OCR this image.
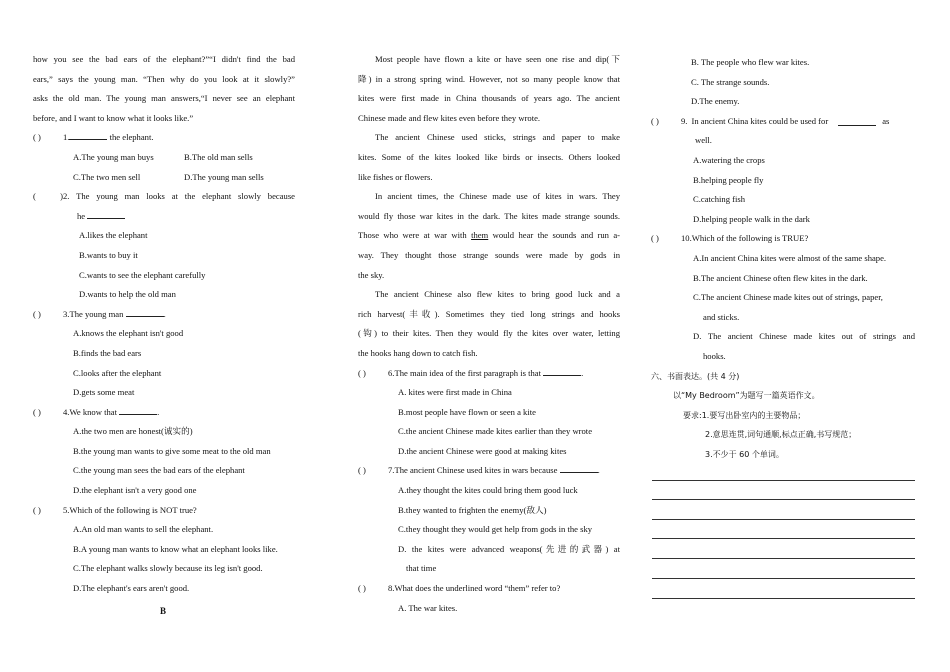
how you see the bad ears of the elephant?”“I didn't find the bad
ears,” says the young man. “Then why do you look at it slowly?”
asks the old man. The young man answers,“I never see an elephant
before, and I want to know what it looks like.”
( )	1.	the elephant.
A.The young man buys	B.The old man sells
C.The two men sell	D.The young man sells
( )2. The young man looks at the elephant slowly because
he
A.likes the elephant
B.wants to buy it
C.wants to see the elephant carefully
D.wants to help the old man
( )	3.The young man	.
A.knows the elephant isn't good
B.finds the bad ears
C.looks after the elephant
D.gets some meat
( )	4.We know that	.
A.the two men are honest(诚实的)
B.the young man wants to give some meat to the old man
C.the young man sees the bad ears of the elephant
D.the elephant isn't a very good one
( )	5.Which of the following is NOT true?
A.An old man wants to sell the elephant.
B.A young man wants to know what an elephant looks like.
C.The elephant walks slowly because its leg isn't good.
D.The elephant's ears aren't good.
B
Most people have flown a kite or have seen one rise and dip(下
降) in a strong spring wind. However, not so many people know that
kites were first made in China thousands of years ago. The ancient
Chinese made and flew kites even before they wrote.
The ancient Chinese used sticks, strings and paper to make
kites. Some of the kites looked like birds or insects. Others looked
like fishes or flowers.
In ancient times, the Chinese made use of kites in wars. They
would fly those war kites in the dark. The kites made strange sounds.
Those who were at war with them would hear the sounds and run a-
way. They thought those strange sounds were made by gods in
the sky.
The ancient Chinese also flew kites to bring good luck and a
rich harvest(丰收). Sometimes they tied long strings and hooks
(钩) to their kites. Then they would fly the kites over water, letting
the hooks hang down to catch fish.
( )	6.The main idea of the first paragraph is that	.
A. kites were first made in China
B.most people have flown or seen a kite
C.the ancient Chinese made kites earlier than they wrote
D.the ancient Chinese were good at making kites
( )	7.The ancient Chinese used kites in wars because	.
A.they thought the kites could bring them good luck
B.they wanted to frighten the enemy(敌人)
C.they thought they would get help from gods in the sky
D. the kites were advanced weapons(先进的武器) at
that time
( )	8.What does the underlined word “them” refer to?
A. The war kites.
B. The people who flew war kites.
C. The strange sounds.
D.The enemy.
( )	9. In ancient China kites could be used for	as
well.
A.watering the crops
B.helping people fly
C.catching fish
D.helping people walk in the dark
( )	10.Which of the following is TRUE?
A.In ancient China kites were almost of the same shape.
B.The ancient Chinese often flew kites in the dark.
C.The ancient Chinese made kites out of strings, paper,
and sticks.
D. The ancient Chinese made kites out of strings and
hooks.
六、书面表达。(共 4 分)
以“My Bedroom”为题写一篇英语作文。
要求:1.要写出卧室内的主要物品；
2.意思连贯,词句通顺,标点正确,书写规范；
3.不少于 60 个单词。
